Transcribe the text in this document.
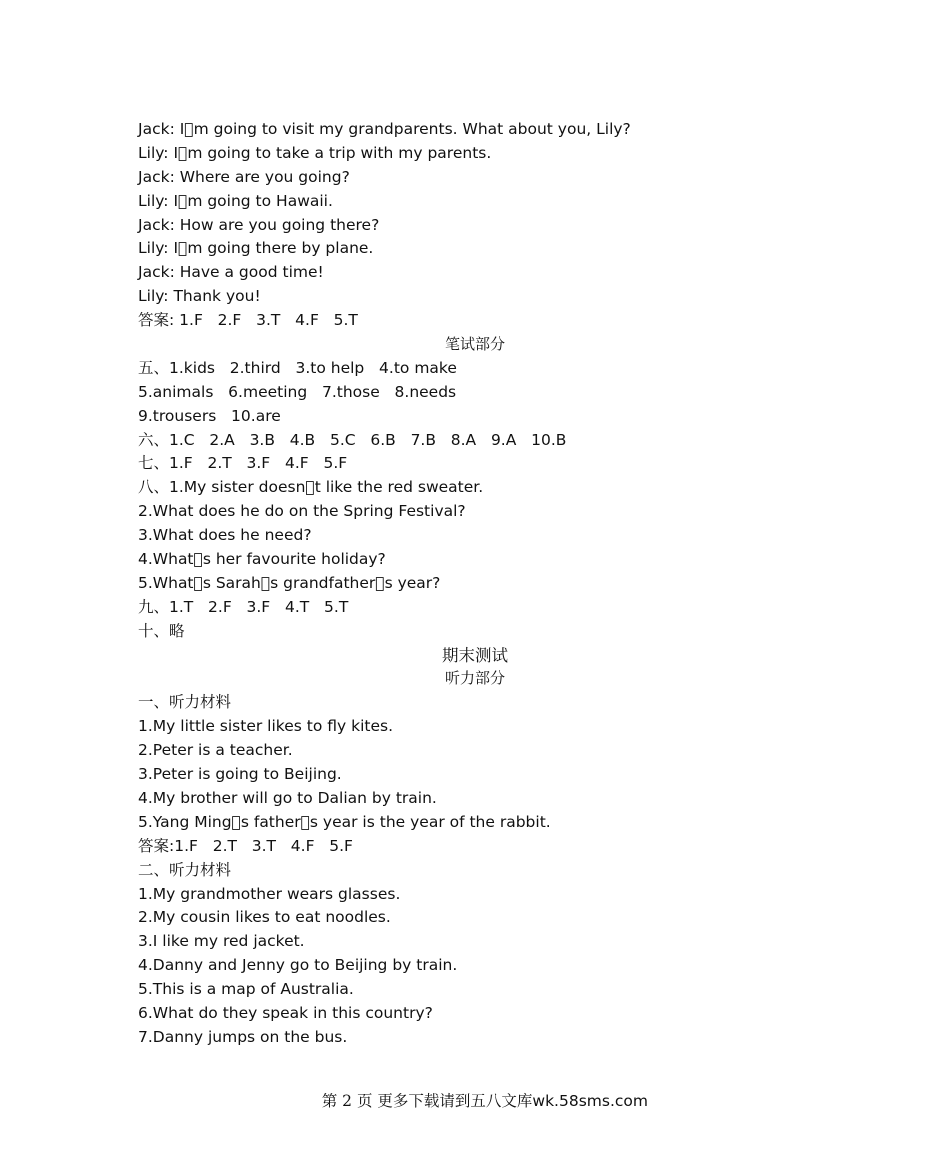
Jack: I m going to visit my grandparents. What about you, Lily?
Lily: I m going to take a trip with my parents.
Jack: Where are you going?
Lily: I m going to Hawaii.
Jack: How are you going there?
Lily: I m going there by plane.
Jack: Have a good time!
Lily: Thank you!
答案: 1.F   2.F   3.T   4.F   5.T
笔试部分
五、1.kids   2.third   3.to help   4.to make
5.animals   6.meeting   7.those   8.needs
9.trousers   10.are
六、1.C   2.A   3.B   4.B   5.C   6.B   7.B   8.A   9.A   10.B
七、1.F   2.T   3.F   4.F   5.F
八、1.My sister doesn t like the red sweater.
2.What does he do on the Spring Festival?
3.What does he need?
4.What s her favourite holiday?
5.What s Sarah s grandfather s year?
九、1.T   2.F   3.F   4.T   5.T
十、略
期末测试
听力部分
一、听力材料
1.My little sister likes to fly kites.
2.Peter is a teacher.
3.Peter is going to Beijing.
4.My brother will go to Dalian by train.
5.Yang Ming s father s year is the year of the rabbit.
答案:1.F   2.T   3.T   4.F   5.F
二、听力材料
1.My grandmother wears glasses.
2.My cousin likes to eat noodles.
3.I like my red jacket.
4.Danny and Jenny go to Beijing by train.
5.This is a map of Australia.
6.What do they speak in this country?
7.Danny jumps on the bus.

第 2 页 更多下载请到五八文库wk.58sms.com
